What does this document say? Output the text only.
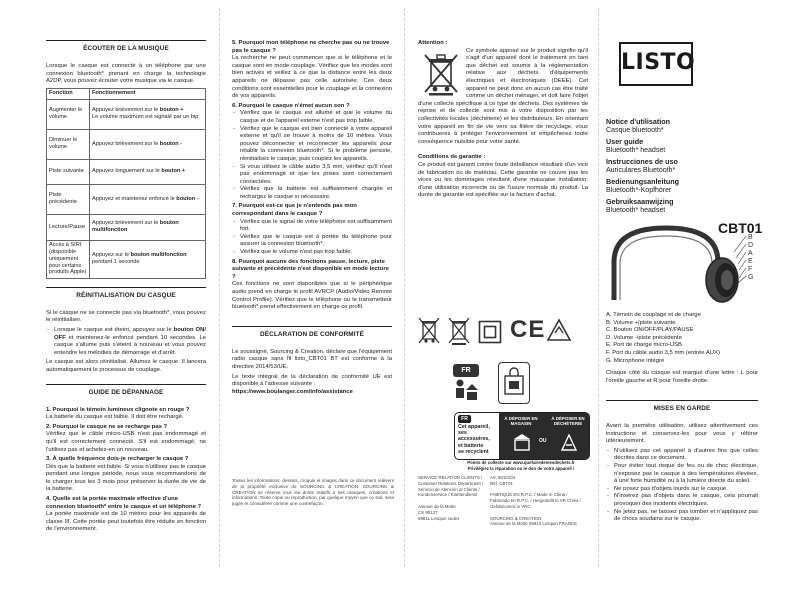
ÉCOUTER DE LA MUSIQUE

Lorsque le casque est connecté à un téléphone par une connexion bluetooth* prenant en charge la technologie A2DP, vous pouvez écouter votre musique via le casque.

Fonction	Fonctionnement
Augmenter le volume	Appuyez brièvement sur le bouton +
Le volume maximum est signalé par un bip
Diminuer le volume	Appuyez brièvement sur le bouton -
Piste suivante	Appuyez longuement sur le bouton +
Piste précédente	Appuyez et maintenez enfoncé le bouton -
Lecture/Pause	Appuyez brièvement sur le bouton multifonction
Accès à SIRI (disponible uniquement pour certains produits Apple)	Appuyez sur le bouton multifonction pendant 1 seconde
RÉINITIALISATION DU CASQUE

Si le casque ne se connecte pas via bluetooth*, vous pouvez le réinitialiser.

- Lorsque le casque est éteint, appuyez sur le bouton ON/ OFF et maintenez-le enfoncé pendant 10 secondes. Le casque s'allume puis s'éteint à nouveau et vous pouvez entendre les mélodies de démarrage et d'arrêt.

Le casque est alors réinitialisé. Allumez le casque. Il lancera automatiquement le processus de couplage.

GUIDE DE DÉPANNAGE

1. Pourquoi le témoin lumineux clignote en rouge ?

La batterie du casque est faible. Il doit être rechargé.

2. Pourquoi le casque ne se recharge pas ?

Vérifiez que le câble micro-USB n'est pas endommagé et qu'il est correctement connecté. S'il est endommagé, ne l'utilisez pas et achetez-en un nouveau.

3. À quelle fréquence dois-je recharger le casque ?

Dès que la batterie est faible. Si vous n'utilisez pas le casque pendant une longue période, nous vous recommandons de le charger tous les 3 mois pour préserver la durée de vie de la batterie.

4. Quelle est la portée maximale effective d'une connexion bluetooth* entre le casque et un téléphone ?

La portée maximale est de 10 mètres pour les appareils de classe III. Cette portée peut toutefois être réduite en fonction de l'environnement.

5. Pourquoi mon téléphone ne cherche pas ou ne trouve pas le casque ?

La recherche ne peut commencer que si le téléphone et le casque sont en mode couplage. Vérifiez que les modes sont bien activés et veillez à ce que la distance entre les deux appareils ne dépasse pas celle autorisée. Ces deux conditions sont essentielles pour le couplage et la connexion de vos appareils.

6. Pourquoi le casque n'émet aucun son ?

- Vérifiez que le casque est allumé et que le volume du casque et de l'appareil externe n'est pas trop faible.
- Vérifiez que le casque est bien connecté à votre appareil externe et qu'il se trouve à moins de 10 mètres. Vous pouvez déconnecter et reconnecter les appareils pour rétablir la connexion bluetooth*. Si le problème persiste, réinitialisez le casque, puis couplez les appareils.
- Si vous utilisez le câble audio 3,5 mm, vérifiez qu'il n'est pas endommagé et que les prises sont correctement connectées.
- Vérifiez que la batterie est suffisamment chargée et rechargez le casque si nécessaire.

7. Pourquoi est-ce que je n'entends pas mon correspondant dans le casque ?

- Vérifiez que le signal de votre téléphone est suffisamment fort.
- Vérifiez que le casque est à portée du téléphone pour assurer la connexion bluetooth*.
- Vérifiez que le volume n'est pas trop faible.

8. Pourquoi aucune des fonctions pause, lecture, piste suivante et précédente n'est disponible en mode lecture ?

Ces fonctions ne sont disponibles que si le périphérique audio prend en charge le profil AVRCP (Audio/Video Remote Control Profile). Vérifiez que le téléphone ou le transmetteur bluetooth* prend effectivement en charge ce profil.

DÉCLARATION DE CONFORMITÉ

Le soussigné, Sourcing & Creation, déclare que l'équipement radio casque sans fil listo_CBT01 BT est conforme à la directive 2014/53/UE.

Le texte intégral de la déclaration de conformité UE est disponible à l'adresse suivante :

https://www.boulanger.com/info/assistance

Toutes les informations, dessins, croquis et images dans ce document relèvent de la propriété exclusive de SOURCING & CREATION. SOURCING & CREATION se réserve tous les droits relatifs à ses marques, créations et informations. Toute copie ou reproduction, par quelque moyen que ce soit, sera jugée et considérée comme une contrefaçon.

Attention :

Ce symbole apposé sur le produit signifie qu'il s'agit d'un appareil dont le traitement en tant que déchet est soumis à la réglementation relative aux déchets d'équipements électriques et électroniques (DEEE). Cet appareil ne peut donc en aucun cas être traité comme un déchet ménager, et doit faire l'objet d'une collecte spécifique à ce type de déchets. Des systèmes de reprise et de collecte sont mis à votre disposition par les collectivités locales (déchèterie) et les distributeurs. En orientant votre appareil en fin de vie vers sa filière de recyclage, vous contribuerez à protéger l'environnement et empêcherez toute conséquence nuisible pour votre santé.

Conditions de garantie :

Ce produit est garanti contre toute défaillance résultant d'un vice de fabrication ou de matériau. Cette garantie ne couvre pas les vices ou les dommages résultant d'une mauvaise installation, d'une utilisation incorrecte ou de l'usure normale du produit. La durée de garantie est spécifiée sur la facture d'achat.

CE
FR
FR
Cet appareil,
ses accessoires,
et batterie
se recyclent
À DÉPOSER EN MAGASIN
OU
À DÉPOSER EN DÉCHÈTERIE
Points de collecte sur www.quefairedemesdechets.fr
Privilégiez la réparation ou le don de votre appareil !
SERVICE RELATION CLIENTS /
Customer Relations Department /
Servicio de Atención al Cliente /
Kundenservice / Klantendienst
Avenue de la Motte
CS 80137
59811 Lesquin cedex
Art. 8010104
Réf. CBT01
FABRIQUÉ EN R.P.C. / Made in China /
Fabricado en R.P.C. / Hergestellt in VR China /
Gefabriceerd in VRC.
SOURCING & CREATION
Avenue de la Motte 59810 Lesquin FRANCE
LISTO
Notice d'utilisation
Casque bluetooth*
User guide
Bluetooth* headset
Instrucciones de uso
Auriculares Bluetooth*
Bedienungsanleitung
Bluetooth*-Kopfhörer
Gebruiksaanwijzing
Bluetooth* headset
CBT01
B
D
A
E
F
G
A. Témoin de couplage et de charge
B. Volume +/piste suivante
C. Bouton ON/OFF/PLAY/PAUSE
D. Volume -/piste précédente
E. Port de charge micro-USB
F. Port du câble audio 3,5 mm (entrée AUX)
G. Microphone intégré

Chaque côté du casque est marqué d'une lettre : L pour l'oreille gauche et R pour l'oreille droite.

MISES EN GARDE

Avant la première utilisation, utilisez attentivement ces instructions et conservez-les pour vous y référer ultérieurement.

- N'utilisez pas cet appareil à d'autres fins que celles décrites dans ce document.
- Pour éviter tout risque de feu ou de choc électrique, n'exposez pas le casque à des températures élevées, à une forte humidité ou à la lumière directe du soleil.
- Ne posez pas d'objets lourds sur le casque.
- N'insérez pas d'objets dans le casque, cela pourrait provoquer des incidents électriques.
- Ne jetez pas, ne laissez pas tomber et n'appliquez pas de chocs soudains sur le casque.
